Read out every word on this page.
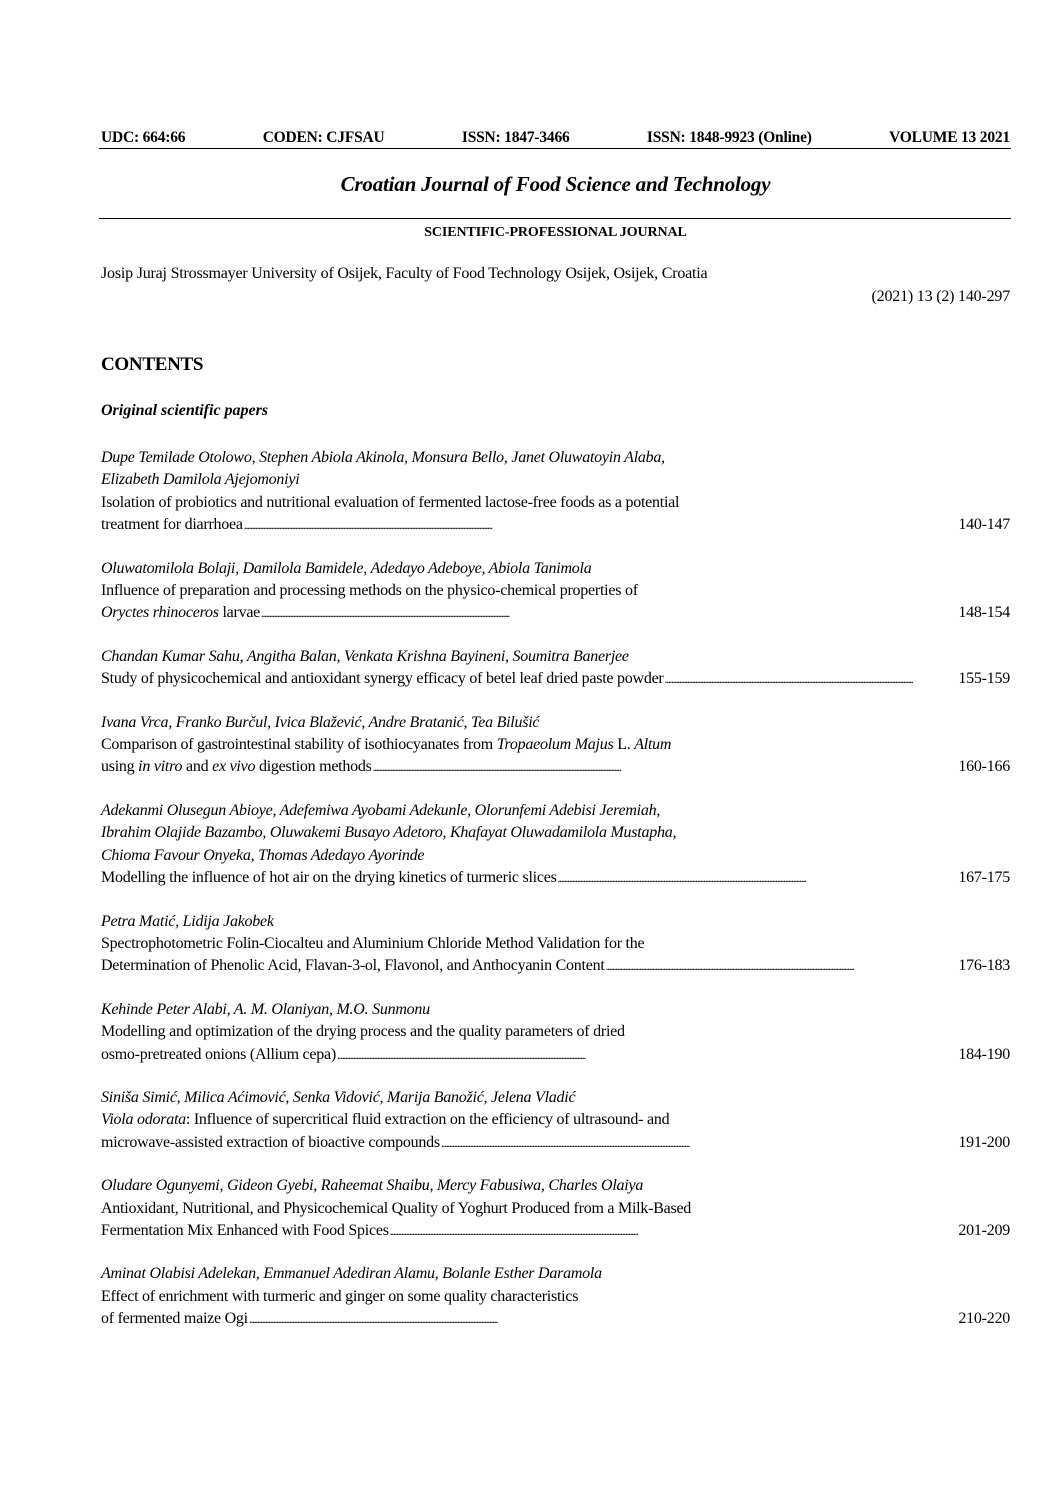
UDC: 664:66	CODEN: CJFSAU	ISSN: 1847-3466	ISSN: 1848-9923 (Online)	VOLUME 13 2021
Croatian Journal of Food Science and Technology
SCIENTIFIC-PROFESSIONAL JOURNAL
Josip Juraj Strossmayer University of Osijek, Faculty of Food Technology Osijek, Osijek, Croatia
(2021) 13 (2) 140-297
CONTENTS
Original scientific papers
Dupe Temilade Otolowo, Stephen Abiola Akinola, Monsura Bello, Janet Oluwatoyin Alaba,
Elizabeth Damilola Ajejomoniyi
Isolation of probiotics and nutritional evaluation of fermented lactose-free foods as a potential
treatment for diarrhoea . . .	140-147
Oluwatomilola Bolaji, Damilola Bamidele, Adedayo Adeboye, Abiola Tanimola
Influence of preparation and processing methods on the physico-chemical properties of
Oryctes rhinoceros larvae . . .	148-154
Chandan Kumar Sahu, Angitha Balan, Venkata Krishna Bayineni, Soumitra Banerjee
Study of physicochemical and antioxidant synergy efficacy of betel leaf dried paste powder . . .	155-159
Ivana Vrca, Franko Burčul, Ivica Blažević, Andre Bratanić, Tea Bilušić
Comparison of gastrointestinal stability of isothiocyanates from Tropaeolum Majus L. Altum
using in vitro and ex vivo digestion methods . . .	160-166
Adekanmi Olusegun Abioye, Adefemiwa Ayobami Adekunle, Olorunfemi Adebisi Jeremiah,
Ibrahim Olajide Bazambo, Oluwakemi Busayo Adetoro, Khafayat Oluwadamilola Mustapha,
Chioma Favour Onyeka, Thomas Adedayo Ayorinde
Modelling the influence of hot air on the drying kinetics of turmeric slices . . .	167-175
Petra Matić, Lidija Jakobek
Spectrophotometric Folin-Ciocalteu and Aluminium Chloride Method Validation for the
Determination of Phenolic Acid, Flavan-3-ol, Flavonol, and Anthocyanin Content . . .	176-183
Kehinde Peter Alabi, A. M. Olaniyan, M.O. Sunmonu
Modelling and optimization of the drying process and the quality parameters of dried
osmo-pretreated onions (Allium cepa) . . .	184-190
Siniša Simić, Milica Aćimović, Senka Vidović, Marija Banožić, Jelena Vladić
Viola odorata: Influence of supercritical fluid extraction on the efficiency of ultrasound- and
microwave-assisted extraction of bioactive compounds . . .	191-200
Oludare Ogunyemi, Gideon Gyebi, Raheemat Shaibu, Mercy Fabusiwa, Charles Olaiya
Antioxidant, Nutritional, and Physicochemical Quality of Yoghurt Produced from a Milk-Based
Fermentation Mix Enhanced with Food Spices . . .	201-209
Aminat Olabisi Adelekan, Emmanuel Adediran Alamu, Bolanle Esther Daramola
Effect of enrichment with turmeric and ginger on some quality characteristics
of fermented maize Ogi . . .	210-220
